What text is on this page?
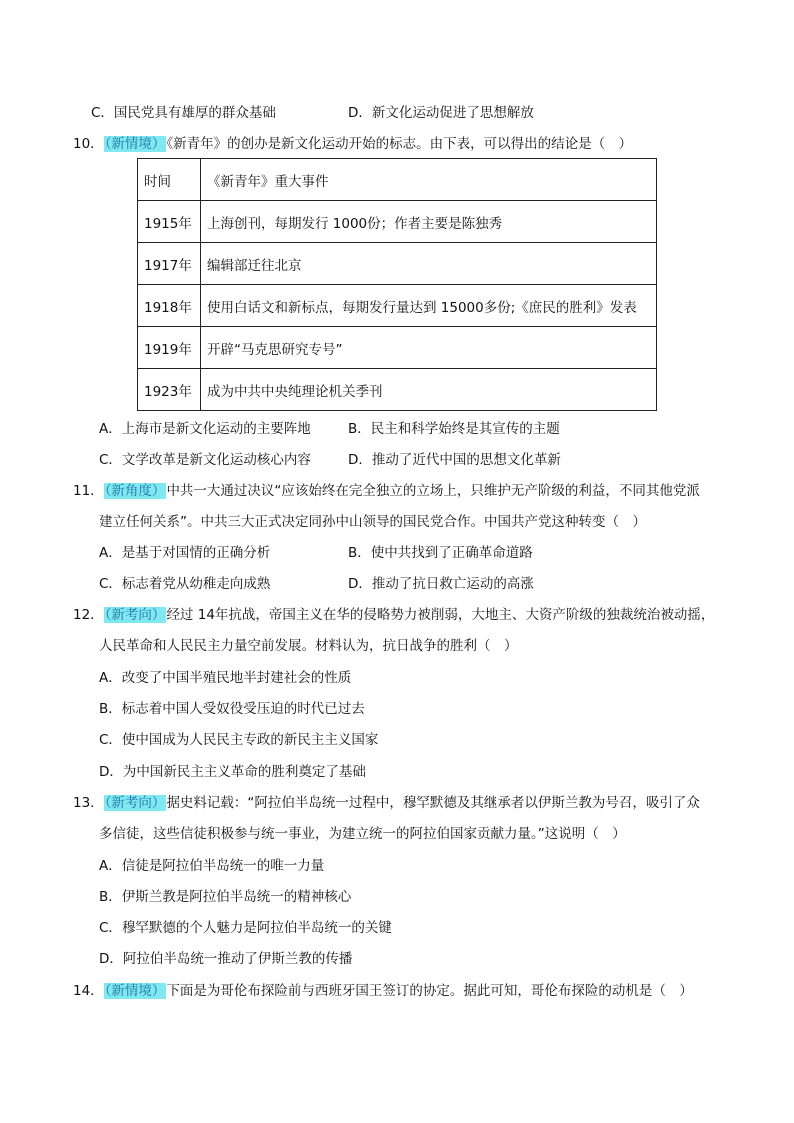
C．国民党具有雄厚的群众基础	D．新文化运动促进了思想解放
10．（新情境）《新青年》的创办是新文化运动开始的标志。由下表，可以得出的结论是（　）
时间	《新青年》重大事件
1915年	上海创刊，每期发行 1000份；作者主要是陈独秀
1917年	编辑部迁往北京
1918年	使用白话文和新标点，每期发行量达到 15000多份;《庶民的胜利》发表
1919年	开辟“马克思研究专号”
1923年	成为中共中央纯理论机关季刊
A．上海市是新文化运动的主要阵地	B．民主和科学始终是其宣传的主题
C．文学改革是新文化运动核心内容	D．推动了近代中国的思想文化革新
11．（新角度）中共一大通过决议“应该始终在完全独立的立场上，只维护无产阶级的利益，不同其他党派
建立任何关系”。中共三大正式决定同孙中山领导的国民党合作。中国共产党这种转变（　）
A．是基于对国情的正确分析	B．使中共找到了正确革命道路
C．标志着党从幼稚走向成熟	D．推动了抗日救亡运动的高涨
12．（新考向）经过 14年抗战，帝国主义在华的侵略势力被削弱，大地主、大资产阶级的独裁统治被动摇，
人民革命和人民民主力量空前发展。材料认为，抗日战争的胜利（　）
A．改变了中国半殖民地半封建社会的性质
B．标志着中国人受奴役受压迫的时代已过去
C．使中国成为人民民主专政的新民主主义国家
D．为中国新民主主义革命的胜利奠定了基础
13．（新考向）据史料记载：“阿拉伯半岛统一过程中，穆罕默德及其继承者以伊斯兰教为号召，吸引了众
多信徒，这些信徒积极参与统一事业，为建立统一的阿拉伯国家贡献力量。”这说明（　）
A．信徒是阿拉伯半岛统一的唯一力量
B．伊斯兰教是阿拉伯半岛统一的精神核心
C．穆罕默德的个人魅力是阿拉伯半岛统一的关键
D．阿拉伯半岛统一推动了伊斯兰教的传播
14．（新情境）下面是为哥伦布探险前与西班牙国王签订的协定。据此可知，哥伦布探险的动机是（　）
